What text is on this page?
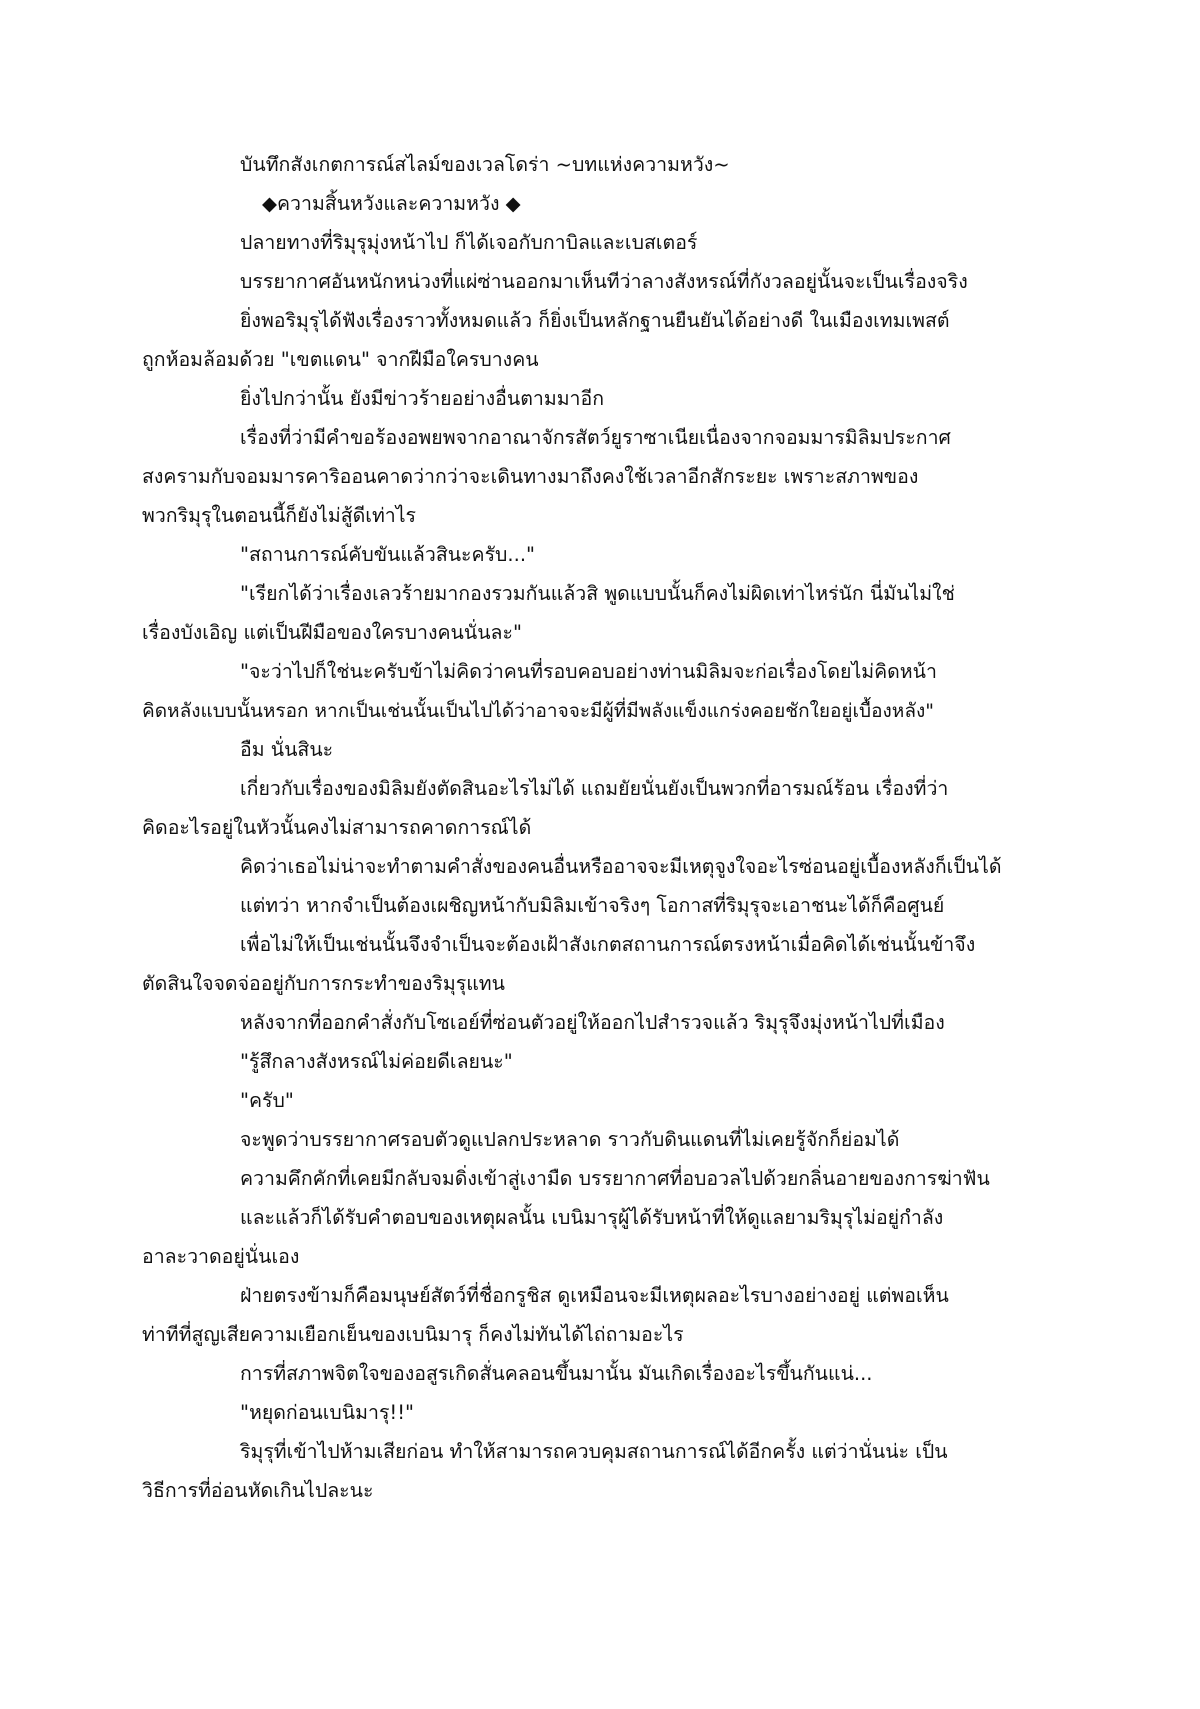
บันทึกสังเกตการณ์สไลม์ของเวลโดร่า ~บทแห่งความหวัง~
◆ความสิ้นหวังและความหวัง ◆
ปลายทางที่ริมุรุมุ่งหน้าไป ก็ได้เจอกับกาบิลและเบสเตอร์
บรรยากาศอันหนักหน่วงที่แผ่ซ่านออกมาเห็นทีว่าลางสังหรณ์ที่กังวลอยู่นั้นจะเป็นเรื่องจริง
ยิ่งพอริมุรุได้ฟังเรื่องราวทั้งหมดแล้ว ก็ยิ่งเป็นหลักฐานยืนยันได้อย่างดี ในเมืองเทมเพสต์
ถูกห้อมล้อมด้วย "เขตแดน" จากฝีมือใครบางคน
ยิ่งไปกว่านั้น ยังมีข่าวร้ายอย่างอื่นตามมาอีก
เรื่องที่ว่ามีคำขอร้องอพยพจากอาณาจักรสัตว์ยูราซาเนียเนื่องจากจอมมารมิลิมประกาศ
สงครามกับจอมมารคาริออนคาดว่ากว่าจะเดินทางมาถึงคงใช้เวลาอีกสักระยะ เพราะสภาพของ
พวกริมุรุในตอนนี้ก็ยังไม่สู้ดีเท่าไร
"สถานการณ์คับขันแล้วสินะครับ..."
"เรียกได้ว่าเรื่องเลวร้ายมากองรวมกันแล้วสิ พูดแบบนั้นก็คงไม่ผิดเท่าไหร่นัก นี่มันไม่ใช่
เรื่องบังเอิญ แต่เป็นฝีมือของใครบางคนนั่นละ"
"จะว่าไปก็ใช่นะครับข้าไม่คิดว่าคนที่รอบคอบอย่างท่านมิลิมจะก่อเรื่องโดยไม่คิดหน้า
คิดหลังแบบนั้นหรอก หากเป็นเช่นนั้นเป็นไปได้ว่าอาจจะมีผู้ที่มีพลังแข็งแกร่งคอยชักใยอยู่เบื้องหลัง"
อืม นั่นสินะ
เกี่ยวกับเรื่องของมิลิมยังตัดสินอะไรไม่ได้ แถมยัยนั่นยังเป็นพวกที่อารมณ์ร้อน เรื่องที่ว่า
คิดอะไรอยู่ในหัวนั้นคงไม่สามารถคาดการณ์ได้
คิดว่าเธอไม่น่าจะทำตามคำสั่งของคนอื่นหรืออาจจะมีเหตุจูงใจอะไรซ่อนอยู่เบื้องหลังก็เป็นได้
แต่ทว่า หากจำเป็นต้องเผชิญหน้ากับมิลิมเข้าจริงๆ โอกาสที่ริมุรุจะเอาชนะได้ก็คือศูนย์
เพื่อไม่ให้เป็นเช่นนั้นจึงจำเป็นจะต้องเฝ้าสังเกตสถานการณ์ตรงหน้าเมื่อคิดได้เช่นนั้นข้าจึง
ตัดสินใจจดจ่ออยู่กับการกระทำของริมุรุแทน
หลังจากที่ออกคำสั่งกับโซเอย์ที่ซ่อนตัวอยู่ให้ออกไปสำรวจแล้ว ริมุรุจึงมุ่งหน้าไปที่เมือง
"รู้สึกลางสังหรณ์ไม่ค่อยดีเลยนะ"
"ครับ"
จะพูดว่าบรรยากาศรอบตัวดูแปลกประหลาด ราวกับดินแดนที่ไม่เคยรู้จักก็ย่อมได้
ความคึกคักที่เคยมีกลับจมดิ่งเข้าสู่เงามืด บรรยากาศที่อบอวลไปด้วยกลิ่นอายของการฆ่าฟัน
และแล้วก็ได้รับคำตอบของเหตุผลนั้น เบนิมารุผู้ได้รับหน้าที่ให้ดูแลยามริมุรุไม่อยู่กำลัง
อาละวาดอยู่นั่นเอง
ฝ่ายตรงข้ามก็คือมนุษย์สัตว์ที่ชื่อกรูชิส ดูเหมือนจะมีเหตุผลอะไรบางอย่างอยู่ แต่พอเห็น
ท่าทีที่สูญเสียความเยือกเย็นของเบนิมารุ ก็คงไม่ทันได้ไถ่ถามอะไร
การที่สภาพจิตใจของอสูรเกิดสั่นคลอนขึ้นมานั้น มันเกิดเรื่องอะไรขึ้นกันแน่...
"หยุดก่อนเบนิมารุ!!"
ริมุรุที่เข้าไปห้ามเสียก่อน ทำให้สามารถควบคุมสถานการณ์ได้อีกครั้ง แต่ว่านั่นน่ะ เป็น
วิธีการที่อ่อนหัดเกินไปละนะ
